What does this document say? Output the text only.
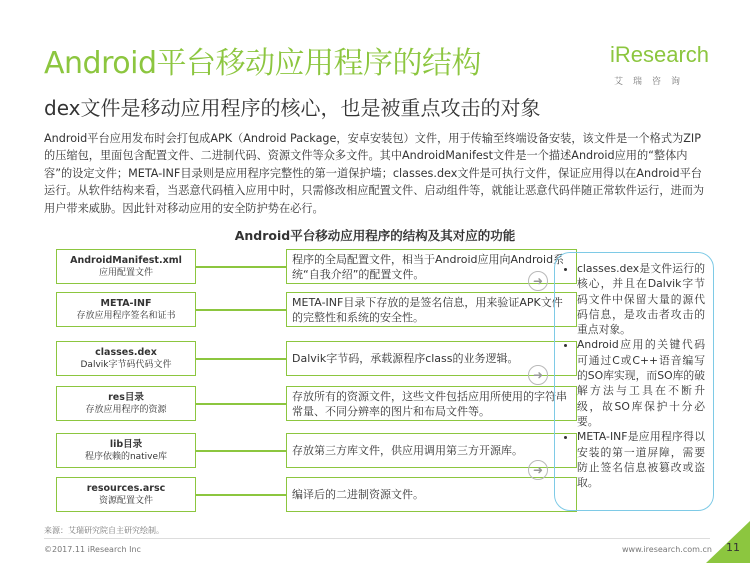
Android平台移动应用程序的结构	iResearch
艾瑞咨询
dex文件是移动应用程序的核心，也是被重点攻击的对象
Android平台应用发布时会打包成APK（Android Package，安卓安装包）文件，用于传输至终端设备安装，该文件是一个格式为ZIP的压缩包，里面包含配置文件、二进制代码、资源文件等众多文件。其中AndroidManifest文件是一个描述Android应用的“整体内容”的设定文件；META-INF目录则是应用程序完整性的第一道保护墙；classes.dex文件是可执行文件，保证应用得以在Android平台运行。从软件结构来看，当恶意代码植入应用中时，只需修改相应配置文件、启动组件等，就能让恶意代码伴随正常软件运行，进而为用户带来威胁。因此针对移动应用的安全防护势在必行。
Android平台移动应用程序的结构及其对应的功能
AndroidManifest.xml
应用配置文件
程序的全局配置文件，相当于Android应用向Android系统“自我介绍”的配置文件。
META-INF
存放应用程序签名和证书
META-INF目录下存放的是签名信息，用来验证APK文件的完整性和系统的安全性。
classes.dex
Dalvik字节码代码文件	Dalvik字节码，承载源程序class的业务逻辑。
res目录
存放应用程序的资源
存放所有的资源文件，这些文件包括应用所使用的字符串常量、不同分辨率的图片和布局文件等。
lib目录
程序依赖的native库	存放第三方库文件，供应用调用第三方开源库。
resources.arsc
资源配置文件	编译后的二进制资源文件。
➜
➜
➜
• classes.dex是文件运行的核心，并且在Dalvik字节码文件中保留大量的源代码信息，是攻击者攻击的重点对象。
• Android应用的关键代码可通过C或C++语音编写的SO库实现，而SO库的破解方法与工具在不断升级，故SO库保护十分必要。
• META-INF是应用程序得以安装的第一道屏障，需要防止签名信息被篡改或盗取。
来源：艾瑞研究院自主研究绘制。
©2017.11 iResearch Inc	www.iresearch.com.cn 11
